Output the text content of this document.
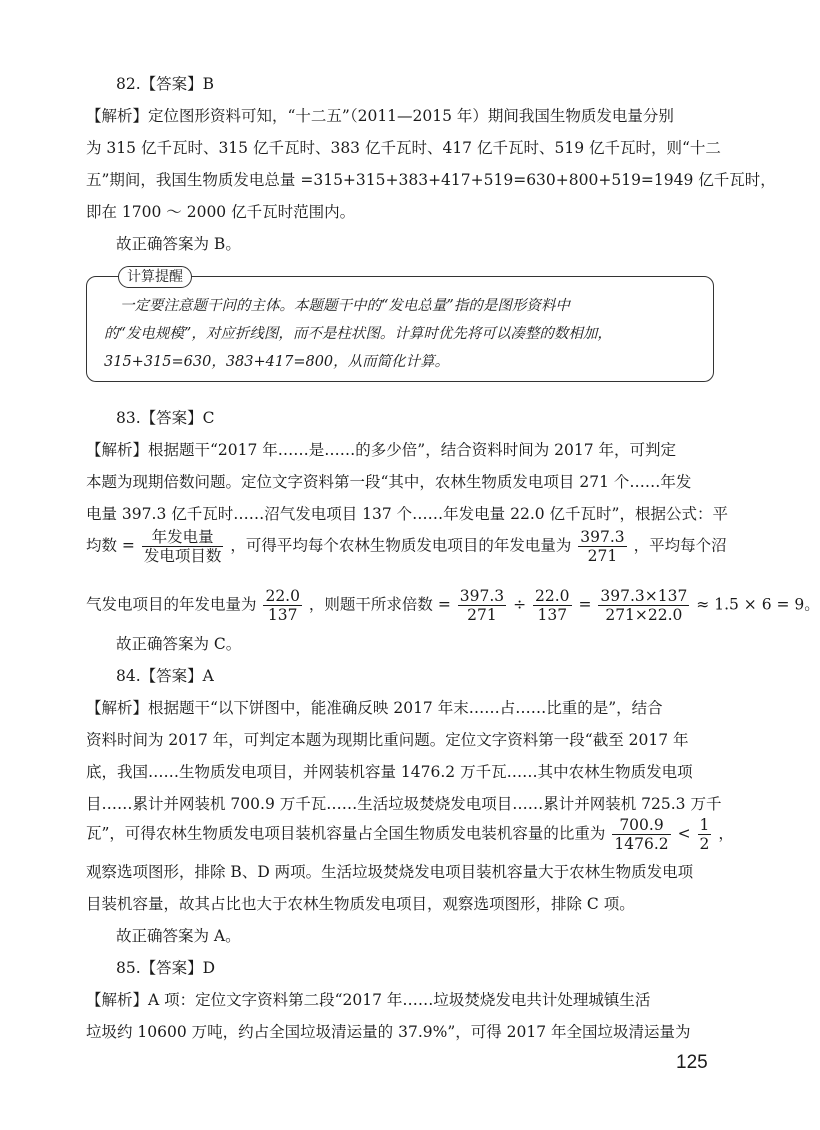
82.【答案】B

【解析】定位图形资料可知，“十二五”（2011—2015 年）期间我国生物质发电量分别

为 315 亿千瓦时、315 亿千瓦时、383 亿千瓦时、417 亿千瓦时、519 亿千瓦时，则“十二

五”期间，我国生物质发电总量 =315+315+383+417+519=630+800+519=1949 亿千瓦时，

即在 1700 ～ 2000 亿千瓦时范围内。

故正确答案为 B。

计算提醒
一定要注意题干问的主体。本题题干中的“发电总量”指的是图形资料中
的“发电规模”，对应折线图，而不是柱状图。计算时优先将可以凑整的数相加，
315+315=630，383+417=800，从而简化计算。

83.【答案】C

【解析】根据题干“2017 年……是……的多少倍”，结合资料时间为 2017 年，可判定

本题为现期倍数问题。定位文字资料第一段“其中，农林生物质发电项目 271 个……年发

电量 397.3 亿千瓦时……沼气发电项目 137 个……年发电量 22.0 亿千瓦时”，根据公式：平

均数 = $\frac{\text{年发电量}}{\text{发电项目数}}$ ，可得平均每个农林生物质发电项目的年发电量为 $\frac{397.3}{271}$ ，平均每个沼

气发电项目的年发电量为 $\frac{22.0}{137}$ ，则题干所求倍数 = $\frac{397.3}{271} \div \frac{22.0}{137} = \frac{397.3\times 137}{271\times 22.0} \approx 1.5 \times 6 = 9$。

故正确答案为 C。

84.【答案】A

【解析】根据题干“以下饼图中，能准确反映 2017 年末……占……比重的是”，结合

资料时间为 2017 年，可判定本题为现期比重问题。定位文字资料第一段“截至 2017 年

底，我国……生物质发电项目，并网装机容量 1476.2 万千瓦……其中农林生物质发电项

目……累计并网装机 700.9 万千瓦……生活垃圾焚烧发电项目……累计并网装机 725.3 万千

瓦”，可得农林生物质发电项目装机容量占全国生物质发电装机容量的比重为 $\frac{700.9}{1476.2} < \frac{1}{2}$ ，

观察选项图形，排除 B、D 两项。生活垃圾焚烧发电项目装机容量大于农林生物质发电项

目装机容量，故其占比也大于农林生物质发电项目，观察选项图形，排除 C 项。

故正确答案为 A。

85.【答案】D

【解析】A 项：定位文字资料第二段“2017 年……垃圾焚烧发电共计处理城镇生活

垃圾约 10600 万吨，约占全国垃圾清运量的 37.9%”，可得 2017 年全国垃圾清运量为

125
